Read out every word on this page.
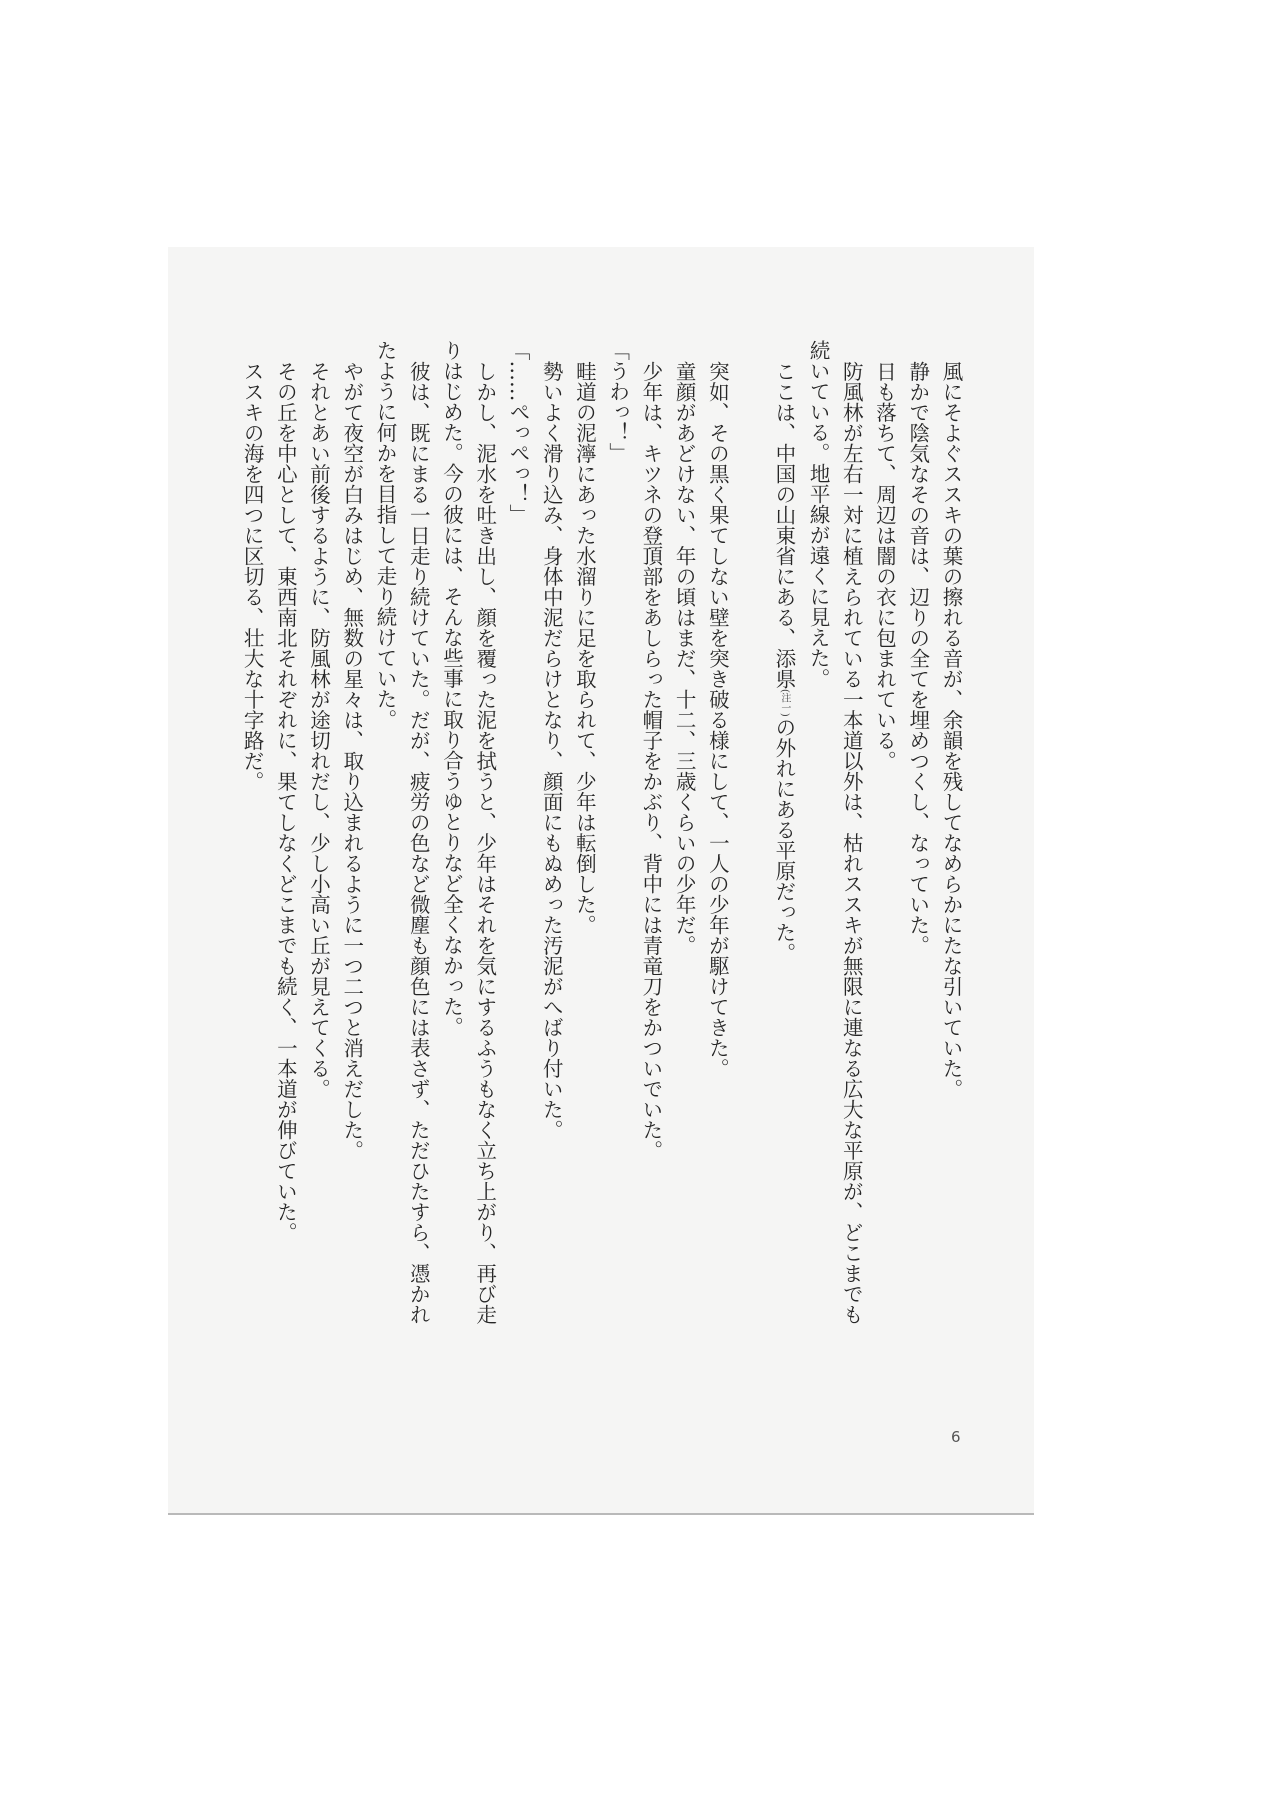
風にそよぐススキの葉の擦れる音が、余韻を残してなめらかにたな引いていた。
静かで陰気なその音は、辺りの全てを埋めつくし、なっていた。
日も落ちて、周辺は闇の衣に包まれている。
防風林が左右一対に植えられている一本道以外は、枯れススキが無限に連なる広大な平原が、どこまでも
続いている。地平線が遠くに見えた。
ここは、中国の山東省にある、添県(注一)の外れにある平原だった。
突如、その黒く果てしない壁を突き破る様にして、一人の少年が駆けてきた。
童顔があどけない、年の頃はまだ、十二、三歳くらいの少年だ。
少年は、キツネの登頂部をあしらった帽子をかぶり、背中には青竜刀をかついでいた。
「うわっ！」
畦道の泥濘にあった水溜りに足を取られて、少年は転倒した。
勢いよく滑り込み、身体中泥だらけとなり、顔面にもぬめった汚泥がへばり付いた。
「……ぺっぺっ！」
しかし、泥水を吐き出し、顔を覆った泥を拭うと、少年はそれを気にするふうもなく立ち上がり、再び走
りはじめた。今の彼には、そんな些事に取り合うゆとりなど全くなかった。
彼は、既にまる一日走り続けていた。だが、疲労の色など微塵も顔色には表さず、ただひたすら、憑かれ
たように何かを目指して走り続けていた。
やがて夜空が白みはじめ、無数の星々は、取り込まれるように一つ二つと消えだした。
それとあい前後するように、防風林が途切れだし、少し小高い丘が見えてくる。
その丘を中心として、東西南北それぞれに、果てしなくどこまでも続く、一本道が伸びていた。
ススキの海を四つに区切る、壮大な十字路だ。
6
